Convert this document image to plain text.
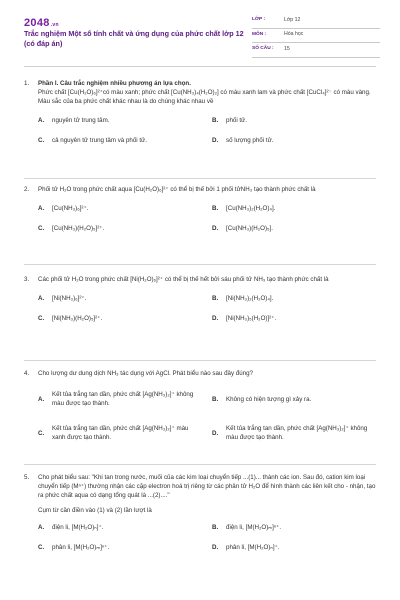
2048.vn
Trắc nghiệm Một số tính chất và ứng dụng của phức chất lớp 12 (có đáp án)
LỚP :	Lớp 12
MÔN :	Hóa học
SỐ CÂU :	15
1.	Phần I. Câu trắc nghiệm nhiều phương án lựa chọn.
Phức chất [Cu(H₂O)₆]²⁺có màu xanh; phức chất [Cu(NH₃)₄(H₂O)₂] có màu xanh lam và phức chất [CuCl₄]²⁻ có màu vàng. Màu sắc của ba phức chất khác nhau là do chúng khác nhau về
A.	nguyên tử trung tâm.	B.	phối tử.
C.	cả nguyên tử trung tâm và phối tử.	D.	số lượng phối tử.
2.	Phối tử H₂O trong phức chất aqua [Cu(H₂O)₆]²⁺ có thể bị thế bởi 1 phối tửNH₃ tạo thành phức chất là
A.	[Cu(NH₃)₆]²⁺.	B.	[Cu(NH₃)₂(H₂O)₄].
C.	[Cu(NH₃)(H₂O)₅]²⁺.	D.	[Cu(NH₃)(H₂O)₅].
3.	Các phối tử H₂O trong phức chất [Ni(H₂O)₆]²⁺ có thể bị thế hết bởi sáu phối tử NH₃ tạo thành phức chất là
A.	[Ni(NH₃)₆]²⁺.	B.	[Ni(NH₃)₂(H₂O)₄].
C.	[Ni(NH₃)(H₂O)₅]²⁺.	D.	[Ni(NH₃)₅(H₂O)]²⁺.
4.	Cho lượng dư dung dịch NH₃ tác dụng với AgCl. Phát biểu nào sau đây đúng?
A.
Kết tủa trắng tan dần, phức chất [Ag(NH₃)₂]⁺ không màu được tạo thành.
B.	Không có hiện tượng gì xảy ra.
C.
Kết tủa trắng tan dần, phức chất [Ag(NH₃)₂]⁺ màu xanh được tạo thành.
D.
Kết tủa trắng tan dần, phức chất [Ag(NH₃)₂]⁺ không màu được tạo thành.
5.	Cho phát biểu sau: "Khi tan trong nước, muối của các kim loại chuyển tiếp ...(1)... thành các ion. Sau đó, cation kim loại chuyển tiếp (Mⁿ⁺) thường nhận các cặp electron hoá trị riêng từ các phân tử H₂O để hình thành các liên kết cho - nhận, tạo ra phức chất aqua có dạng tổng quát là ...(2)...."
Cụm từ cần điền vào (1) và (2) lần lượt là
A.	điện li, [M(H₂O)ₙ]⁺.	B.	điện li, [M(H₂O)ₘ]ⁿ⁺.
C.	phân li, [M(H₂O)ₘ]ⁿ⁺.	D.	phân li, [M(H₂O)ₙ]⁺.
